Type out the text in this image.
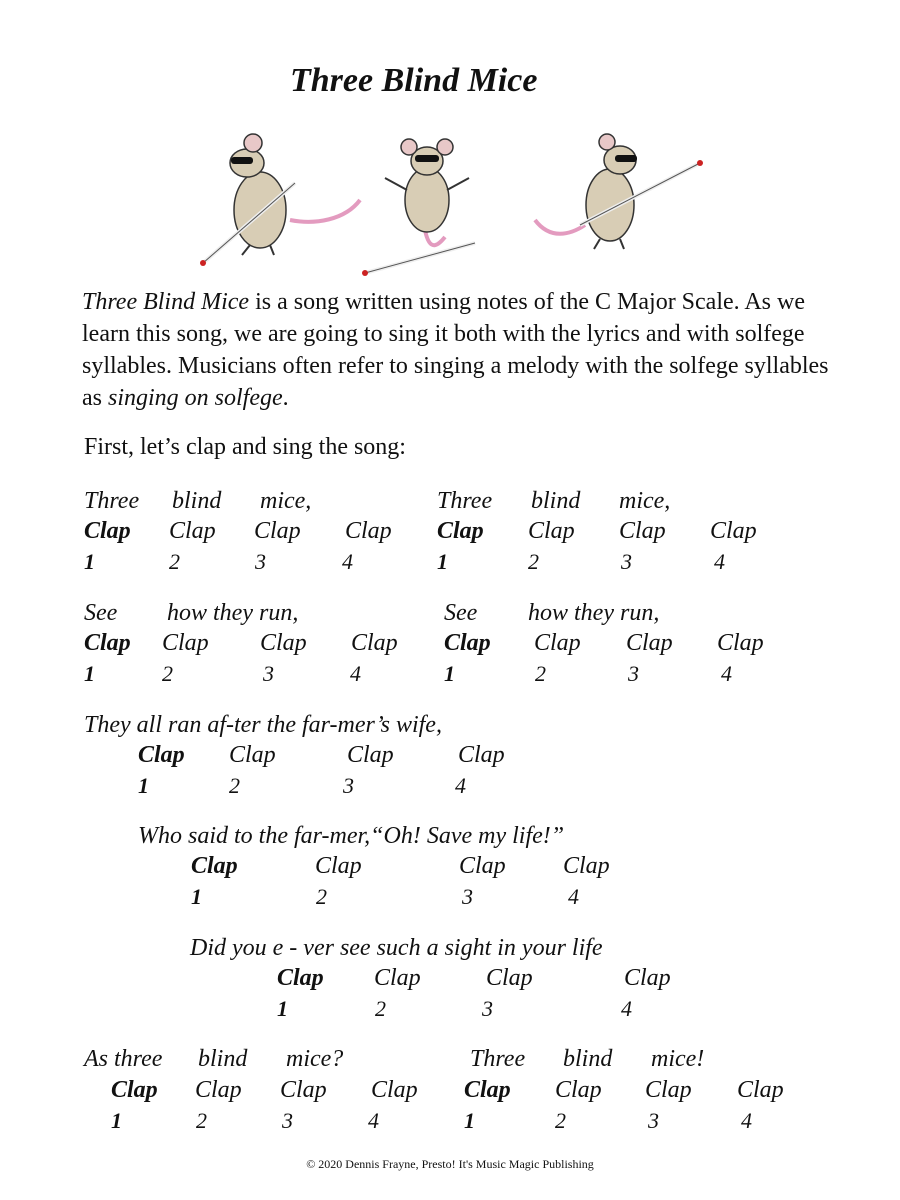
Three Blind Mice

Three Blind Mice is a song written using notes of the C Major Scale. As we learn this song, we are going to sing it both with the lyrics and with solfege syllables. Musicians often refer to singing a melody with the solfege syllables as singing on solfege.

First, let’s clap and sing the song:
Three blind mice,	Three blind mice,
Clap Clap Clap Clap Clap Clap Clap Clap
1	2	3	4	1	2	3	4
See how they run,	See how they run,
Clap Clap Clap Clap Clap Clap Clap Clap
1	2	3	4	1	2	3	4
They all ran af-ter the far-mer’s wife,
Clap Clap	Clap	Clap
1	2	3	4
Who said to the far-mer,“Oh! Save my life!”
Clap	Clap	Clap Clap
1	2	3	4
Did you e - ver see such a sight in your life
Clap Clap	Clap	Clap
1	2	3	4
As three blind mice?	Three blind mice!
Clap Clap Clap Clap Clap Clap Clap Clap
1	2	3	4	1	2	3	4
© 2020 Dennis Frayne, Presto! It's Music Magic Publishing
